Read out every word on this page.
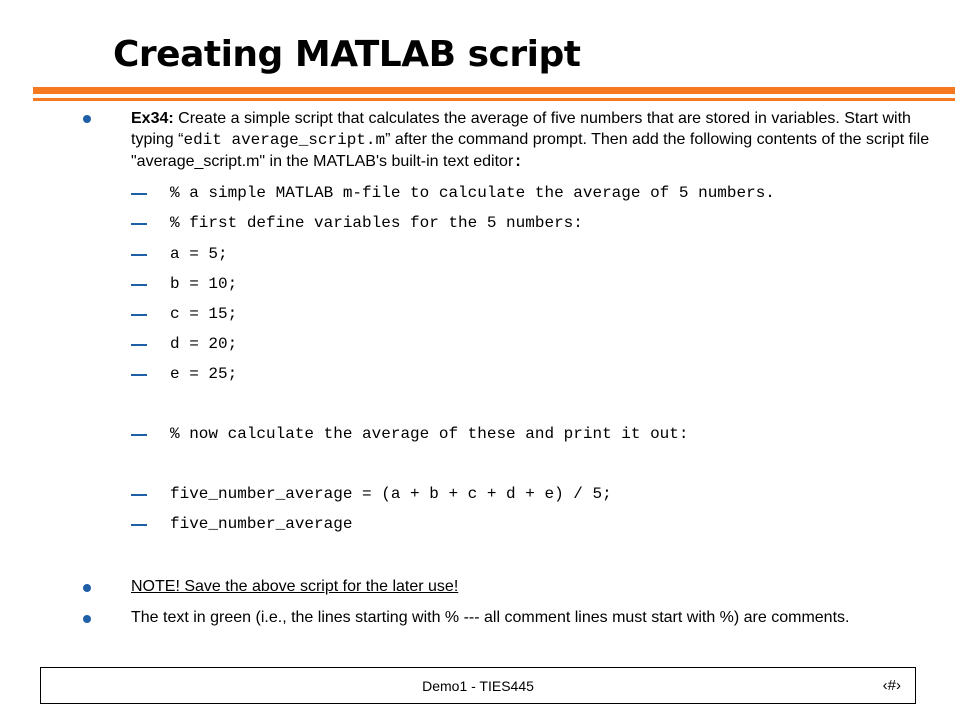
Creating MATLAB script

Ex34: Create a simple script that calculates the average of five numbers that are stored in variables. Start with typing “edit average_script.m” after the command prompt. Then add the following contents of the script file "average_script.m" in the MATLAB's built-in text editor:

% a simple MATLAB m-file to calculate the average of 5 numbers.

% first define variables for the 5 numbers:

a = 5;

b = 10;

c = 15;

d = 20;

e = 25;

% now calculate the average of these and print it out:

five_number_average = (a + b + c + d + e) / 5;

five_number_average

NOTE! Save the above script for the later use!

The text in green (i.e., the lines starting with % --- all comment lines must start with %) are comments.

Demo1 - TIES445	‹#›
